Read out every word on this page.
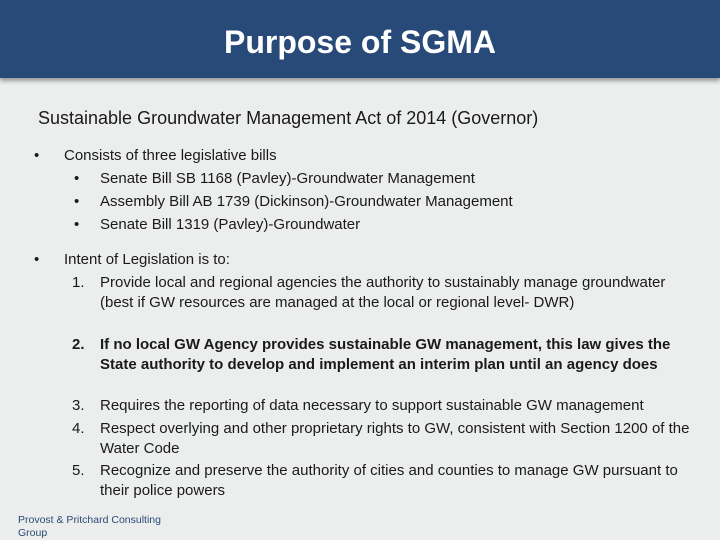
Purpose of SGMA
Sustainable Groundwater Management Act of 2014 (Governor)
• Consists of three legislative bills
• Senate Bill SB 1168 (Pavley)-Groundwater Management
• Assembly Bill AB 1739 (Dickinson)-Groundwater Management
• Senate Bill 1319 (Pavley)-Groundwater
• Intent of Legislation is to:
1. Provide local and regional agencies the authority to sustainably manage groundwater (best if GW resources are managed at the local or regional level- DWR)
2. If no local GW Agency provides sustainable GW management, this law gives the State authority to develop and implement an interim plan until an agency does
3. Requires the reporting of data necessary to support sustainable GW management
4. Respect overlying and other proprietary rights to GW, consistent with Section 1200 of the Water Code
5. Recognize and preserve the authority of cities and counties to manage GW pursuant to their police powers
Provost & Pritchard Consulting Group
